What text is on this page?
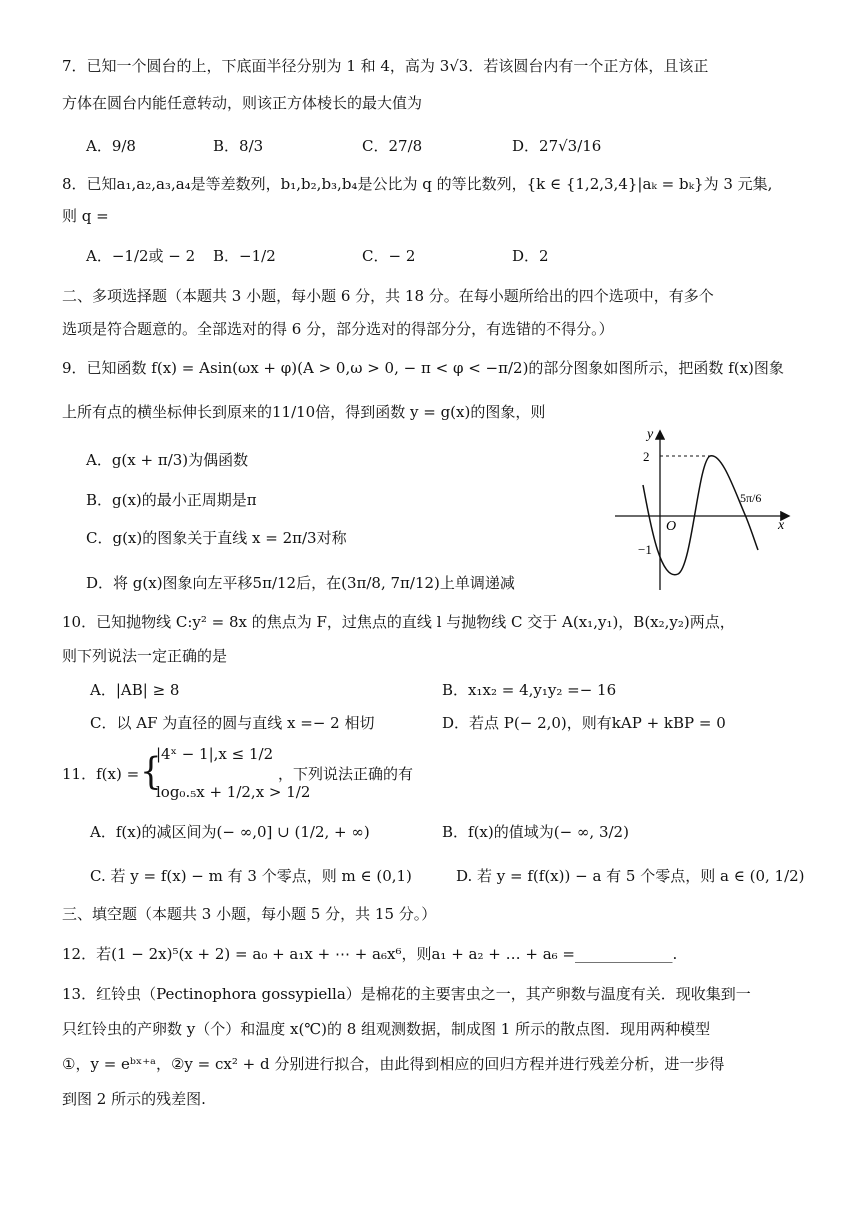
7．已知一个圆台的上，下底面半径分别为 1 和 4，高为 3√3．若该圆台内有一个正方体，且该正
方体在圆台内能任意转动，则该正方体棱长的最大值为
A．9/8	B．8/3	C．27/8	D．27√3/16
8．已知a₁,a₂,a₃,a₄是等差数列，b₁,b₂,b₃,b₄是公比为 q 的等比数列，{k ∈ {1,2,3,4}|aₖ = bₖ}为 3 元集,
则 q =
A．−1/2或 − 2 B．−1/2	C．− 2	D．2
二、多项选择题（本题共 3 小题，每小题 6 分，共 18 分。在每小题所给出的四个选项中，有多个
选项是符合题意的。全部选对的得 6 分，部分选对的得部分分，有选错的不得分。）
9．已知函数 f(x) = Asin(ωx + φ)(A > 0,ω > 0, − π < φ < −π/2)的部分图象如图所示，把函数 f(x)图象
上所有点的横坐标伸长到原来的11/10倍，得到函数 y = g(x)的图象，则
A．g(x + π/3)为偶函数
B．g(x)的最小正周期是π
C．g(x)的图象关于直线 x = 2π/3对称
D．将 g(x)图象向左平移5π/12后，在(3π/8, 7π/12)上单调递减
y
x
O
2
−1
5π/6
10．已知抛物线 C:y² = 8x 的焦点为 F，过焦点的直线 l 与抛物线 C 交于 A(x₁,y₁)，B(x₂,y₂)两点，
则下列说法一定正确的是
A．|AB| ≥ 8	B．x₁x₂ = 4,y₁y₂ =− 16
C．以 AF 为直径的圆与直线 x =− 2 相切	D．若点 P(− 2,0)，则有kAP + kBP = 0
11．f(x) = {
|4ˣ − 1|,x ≤ 1/2
log₀.₅x + 1/2,x > 1/2
，下列说法正确的有
A．f(x)的减区间为(− ∞,0] ∪ (1/2, + ∞)	B．f(x)的值域为(− ∞, 3/2)
C. 若 y = f(x) − m 有 3 个零点，则 m ∈ (0,1)	D. 若 y = f(f(x)) − a 有 5 个零点，则 a ∈ (0, 1/2)
三、填空题（本题共 3 小题，每小题 5 分，共 15 分。）
12．若(1 − 2x)⁵(x + 2) = a₀ + a₁x + ⋯ + a₆x⁶，则a₁ + a₂ + … + a₆ =_____________.
13．红铃虫（Pectinophora gossypiella）是棉花的主要害虫之一，其产卵数与温度有关．现收集到一
只红铃虫的产卵数 y（个）和温度 x(℃)的 8 组观测数据，制成图 1 所示的散点图．现用两种模型
①，y = eᵇˣ⁺ᵃ，②y = cx² + d 分别进行拟合，由此得到相应的回归方程并进行残差分析，进一步得
到图 2 所示的残差图.
